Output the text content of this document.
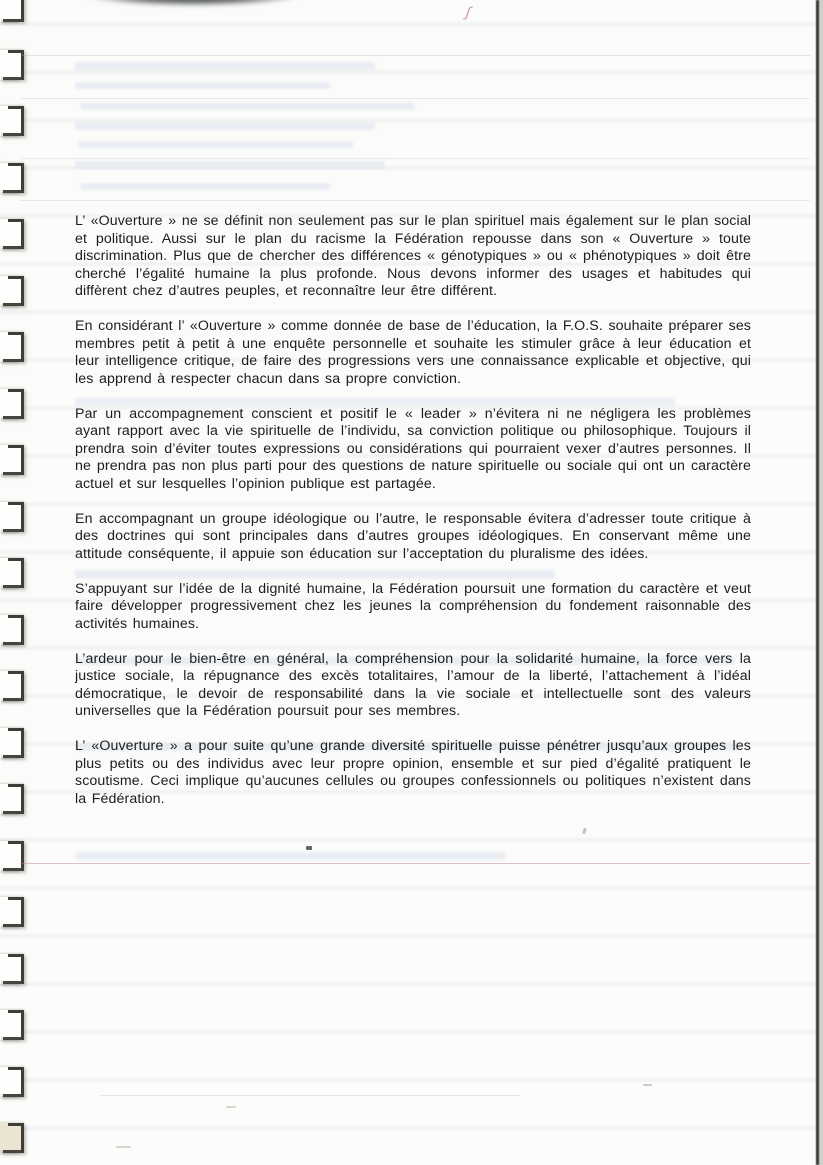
ʃ

L’ «Ouverture » ne se définit non seulement pas sur le plan spirituel mais également sur le plan social et politique. Aussi sur le plan du racisme la Fédération repousse dans son « Ouverture » toute discrimination. Plus que de chercher des différences « génotypiques » ou « phénotypiques » doit être cherché l’égalité humaine la plus profonde. Nous devons informer des usages et habitudes qui diffèrent chez d’autres peuples, et reconnaître leur être différent.

En considérant l’ «Ouverture » comme donnée de base de l’éducation, la F.O.S. souhaite préparer ses membres petit à petit à une enquête personnelle et souhaite les stimuler grâce à leur éducation et leur intelligence critique, de faire des progressions vers une connaissance explicable et objective, qui les apprend à respecter chacun dans sa propre conviction.

Par un accompagnement conscient et positif le « leader » n’évitera ni ne négligera les problèmes ayant rapport avec la vie spirituelle de l’individu, sa conviction politique ou philosophique. Toujours il prendra soin d’éviter toutes expressions ou considérations qui pourraient vexer d’autres personnes. Il ne prendra pas non plus parti pour des questions de nature spirituelle ou sociale qui ont un caractère actuel et sur lesquelles l’opinion publique est partagée.

En accompagnant un groupe idéologique ou l’autre, le responsable évitera d’adresser toute critique à des doctrines qui sont principales dans d’autres groupes idéologiques. En conservant même une attitude conséquente, il appuie son éducation sur l’acceptation du pluralisme des idées.

S’appuyant sur l’idée de la dignité humaine, la Fédération poursuit une formation du caractère et veut faire développer progressivement chez les jeunes la compréhension du fondement raisonnable des activités humaines.

L’ardeur pour le bien-être en général, la compréhension pour la solidarité humaine, la force vers la justice sociale, la répugnance des excès totalitaires, l’amour de la liberté, l’attachement à l’idéal démocratique, le devoir de responsabilité dans la vie sociale et intellectuelle sont des valeurs universelles que la Fédération poursuit pour ses membres.

L’ «Ouverture » a pour suite qu’une grande diversité spirituelle puisse pénétrer jusqu’aux groupes les plus petits ou des individus avec leur propre opinion, ensemble et sur pied d’égalité pratiquent le scoutisme. Ceci implique qu’aucunes cellules ou groupes confessionnels ou politiques n’existent dans la Fédération.
